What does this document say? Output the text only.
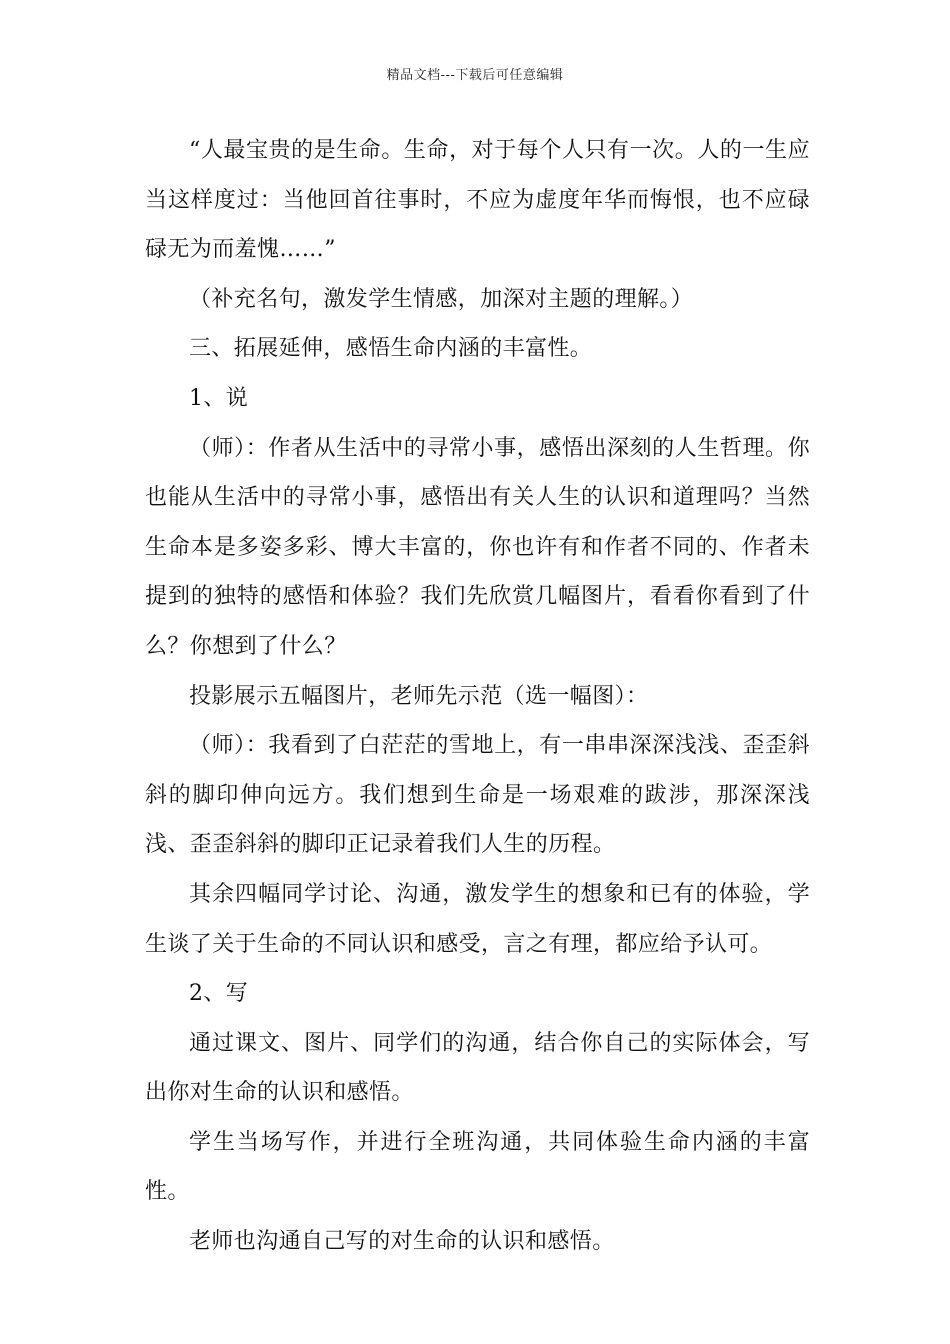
精品文档---下载后可任意编辑

“人最宝贵的是生命。生命，对于每个人只有一次。人的一生应当这样度过：当他回首往事时，不应为虚度年华而悔恨，也不应碌碌无为而羞愧……”

（补充名句，激发学生情感，加深对主题的理解。）

三、拓展延伸，感悟生命内涵的丰富性。

1、说

（师）：作者从生活中的寻常小事，感悟出深刻的人生哲理。你也能从生活中的寻常小事，感悟出有关人生的认识和道理吗？当然生命本是多姿多彩、博大丰富的，你也许有和作者不同的、作者未提到的独特的感悟和体验？我们先欣赏几幅图片，看看你看到了什么？你想到了什么？

投影展示五幅图片，老师先示范（选一幅图）：

（师）：我看到了白茫茫的雪地上，有一串串深深浅浅、歪歪斜斜的脚印伸向远方。我们想到生命是一场艰难的跋涉，那深深浅浅、歪歪斜斜的脚印正记录着我们人生的历程。

其余四幅同学讨论、沟通，激发学生的想象和已有的体验，学生谈了关于生命的不同认识和感受，言之有理，都应给予认可。

2、写

通过课文、图片、同学们的沟通，结合你自己的实际体会，写出你对生命的认识和感悟。

学生当场写作，并进行全班沟通，共同体验生命内涵的丰富性。

老师也沟通自己写的对生命的认识和感悟。
